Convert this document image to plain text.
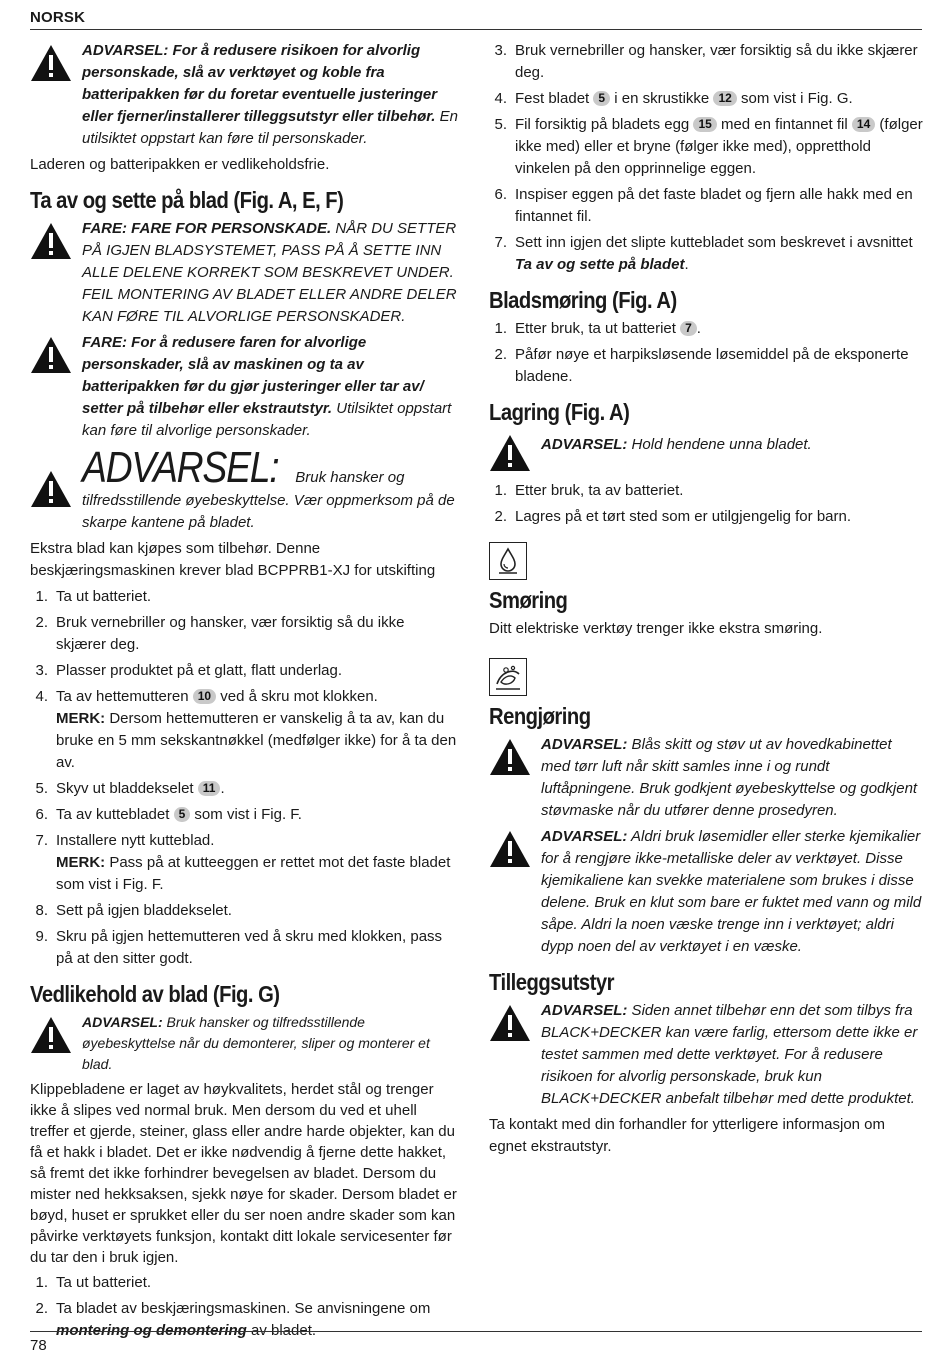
NORSK
ADVARSEL: For å redusere risikoen for alvorlig personskade, slå av verktøyet og koble fra batteripakken før du foretar eventuelle justeringer eller fjerner/installerer tilleggsutstyr eller tilbehør. En utilsiktet oppstart kan føre til personskader.

Laderen og batteripakken er vedlikeholdsfrie.

Ta av og sette på blad (Fig. A, E, F)
FARE: FARE FOR PERSONSKADE. NÅR DU SETTER PÅ IGJEN BLADSYSTEMET, PASS PÅ Å SETTE INN ALLE DELENE KORREKT SOM BESKREVET UNDER. FEIL MONTERING AV BLADET ELLER ANDRE DELER KAN FØRE TIL ALVORLIGE PERSONSKADER.
FARE: For å redusere faren for alvorlige personskader, slå av maskinen og ta av batteripakken før du gjør justeringer eller tar av/ setter på tilbehør eller ekstrautstyr. Utilsiktet oppstart kan føre til alvorlige personskader.
ADVARSEL: Bruk hansker og tilfredsstillende øyebeskyttelse. Vær oppmerksom på de skarpe kantene på bladet.

Ekstra blad kan kjøpes som tilbehør. Denne beskjæringsmaskinen krever blad BCPPRB1-XJ for utskifting

1. Ta ut batteriet.
2. Bruk vernebriller og hansker, vær forsiktig så du ikke skjærer deg.
3. Plasser produktet på et glatt, flatt underlag.
4. Ta av hettemutteren 10 ved å skru mot klokken.
MERK: Dersom hettemutteren er vanskelig å ta av, kan du bruke en 5 mm sekskantnøkkel (medfølger ikke) for å ta den av.
5. Skyv ut bladdekselet 11 .
6. Ta av kuttebladet 5 som vist i Fig. F.
7. Installere nytt kutteblad.
MERK: Pass på at kutteeggen er rettet mot det faste bladet som vist i Fig. F.
8. Sett på igjen bladdekselet.
9. Skru på igjen hettemutteren ved å skru med klokken, pass på at den sitter godt.
Vedlikehold av blad (Fig. G)
ADVARSEL: Bruk hansker og tilfredsstillende øyebeskyttelse når du demonterer, sliper og monterer et blad.

Klippebladene er laget av høykvalitets, herdet stål og trenger ikke å slipes ved normal bruk. Men dersom du ved et uhell treffer et gjerde, steiner, glass eller andre harde objekter, kan du få et hakk i bladet. Det er ikke nødvendig å fjerne dette hakket, så fremt det ikke forhindrer bevegelsen av bladet. Dersom du mister ned hekksaksen, sjekk nøye for skader. Dersom bladet er bøyd, huset er sprukket eller du ser noen andre skader som kan påvirke verktøyets funksjon, kontakt ditt lokale servicesenter før du tar den i bruk igjen.

1. Ta ut batteriet.
2. Ta bladet av beskjæringsmaskinen. Se anvisningene om montering og demontering av bladet.
3. Bruk vernebriller og hansker, vær forsiktig så du ikke skjærer deg.
4. Fest bladet 5 i en skrustikke 12 som vist i Fig. G.
5. Fil forsiktig på bladets egg 15 med en fintannet fil 14 (følger ikke med) eller et bryne (følger ikke med), oppretthold vinkelen på den opprinnelige eggen.
6. Inspiser eggen på det faste bladet og fjern alle hakk med en fintannet fil.
7. Sett inn igjen det slipte kuttebladet som beskrevet i avsnittet Ta av og sette på bladet.
Bladsmøring (Fig. A)
1. Etter bruk, ta ut batteriet 7 .
2. Påfør nøye et harpiksløsende løsemiddel på de eksponerte bladene.
Lagring (Fig. A)
ADVARSEL: Hold hendene unna bladet.
1. Etter bruk, ta av batteriet.
2. Lagres på et tørt sted som er utilgjengelig for barn.
Smøring

Ditt elektriske verktøy trenger ikke ekstra smøring.

Rengjøring
ADVARSEL: Blås skitt og støv ut av hovedkabinettet med tørr luft når skitt samles inne i og rundt luftåpningene. Bruk godkjent øyebeskyttelse og godkjent støvmaske når du utfører denne prosedyren.
ADVARSEL: Aldri bruk løsemidler eller sterke kjemikalier for å rengjøre ikke-metalliske deler av verktøyet. Disse kjemikaliene kan svekke materialene som brukes i disse delene. Bruk en klut som bare er fuktet med vann og mild såpe. Aldri la noen væske trenge inn i verktøyet; aldri dypp noen del av verktøyet i en væske.
Tilleggsutstyr
ADVARSEL: Siden annet tilbehør enn det som tilbys fra BLACK+DECKER kan være farlig, ettersom dette ikke er testet sammen med dette verktøyet. For å redusere risikoen for alvorlig personskade, bruk kun BLACK+DECKER anbefalt tilbehør med dette produktet.

Ta kontakt med din forhandler for ytterligere informasjon om egnet ekstrautstyr.

78
